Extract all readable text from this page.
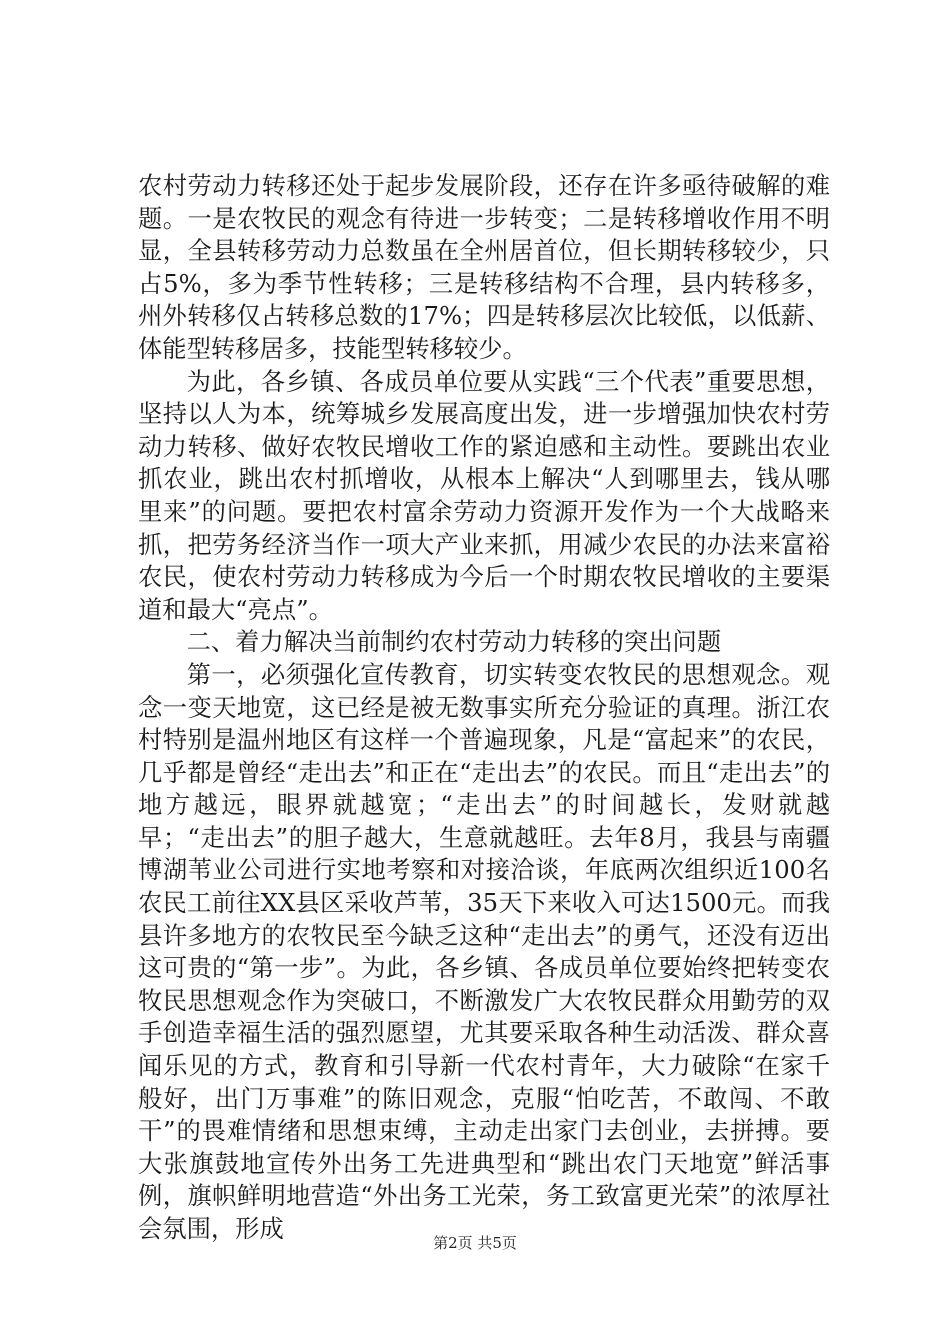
农村劳动力转移还处于起步发展阶段，还存在许多亟待破解的难题。一是农牧民的观念有待进一步转变；二是转移增收作用不明显，全县转移劳动力总数虽在全州居首位，但长期转移较少，只占5%，多为季节性转移；三是转移结构不合理，县内转移多，州外转移仅占转移总数的17%；四是转移层次比较低，以低薪、体能型转移居多，技能型转移较少。

为此，各乡镇、各成员单位要从实践“三个代表”重要思想，坚持以人为本，统筹城乡发展高度出发，进一步增强加快农村劳动力转移、做好农牧民增收工作的紧迫感和主动性。要跳出农业抓农业，跳出农村抓增收，从根本上解决“人到哪里去，钱从哪里来”的问题。要把农村富余劳动力资源开发作为一个大战略来抓，把劳务经济当作一项大产业来抓，用减少农民的办法来富裕农民，使农村劳动力转移成为今后一个时期农牧民增收的主要渠道和最大“亮点”。

二、着力解决当前制约农村劳动力转移的突出问题

第一，必须强化宣传教育，切实转变农牧民的思想观念。观念一变天地宽，这已经是被无数事实所充分验证的真理。浙江农村特别是温州地区有这样一个普遍现象，凡是“富起来”的农民，几乎都是曾经“走出去”和正在“走出去”的农民。而且“走出去”的地方越远，眼界就越宽；“走出去”的时间越长，发财就越早；“走出去”的胆子越大，生意就越旺。去年8月，我县与南疆博湖苇业公司进行实地考察和对接洽谈，年底两次组织近100名农民工前往XX县区采收芦苇，35天下来收入可达1500元。而我县许多地方的农牧民至今缺乏这种“走出去”的勇气，还没有迈出这可贵的“第一步”。为此，各乡镇、各成员单位要始终把转变农牧民思想观念作为突破口，不断激发广大农牧民群众用勤劳的双手创造幸福生活的强烈愿望，尤其要采取各种生动活泼、群众喜闻乐见的方式，教育和引导新一代农村青年，大力破除“在家千般好，出门万事难”的陈旧观念，克服“怕吃苦，不敢闯、不敢干”的畏难情绪和思想束缚，主动走出家门去创业，去拼搏。要大张旗鼓地宣传外出务工先进典型和“跳出农门天地宽”鲜活事例，旗帜鲜明地营造“外出务工光荣，务工致富更光荣”的浓厚社会氛围，形成	第2页 共5页
